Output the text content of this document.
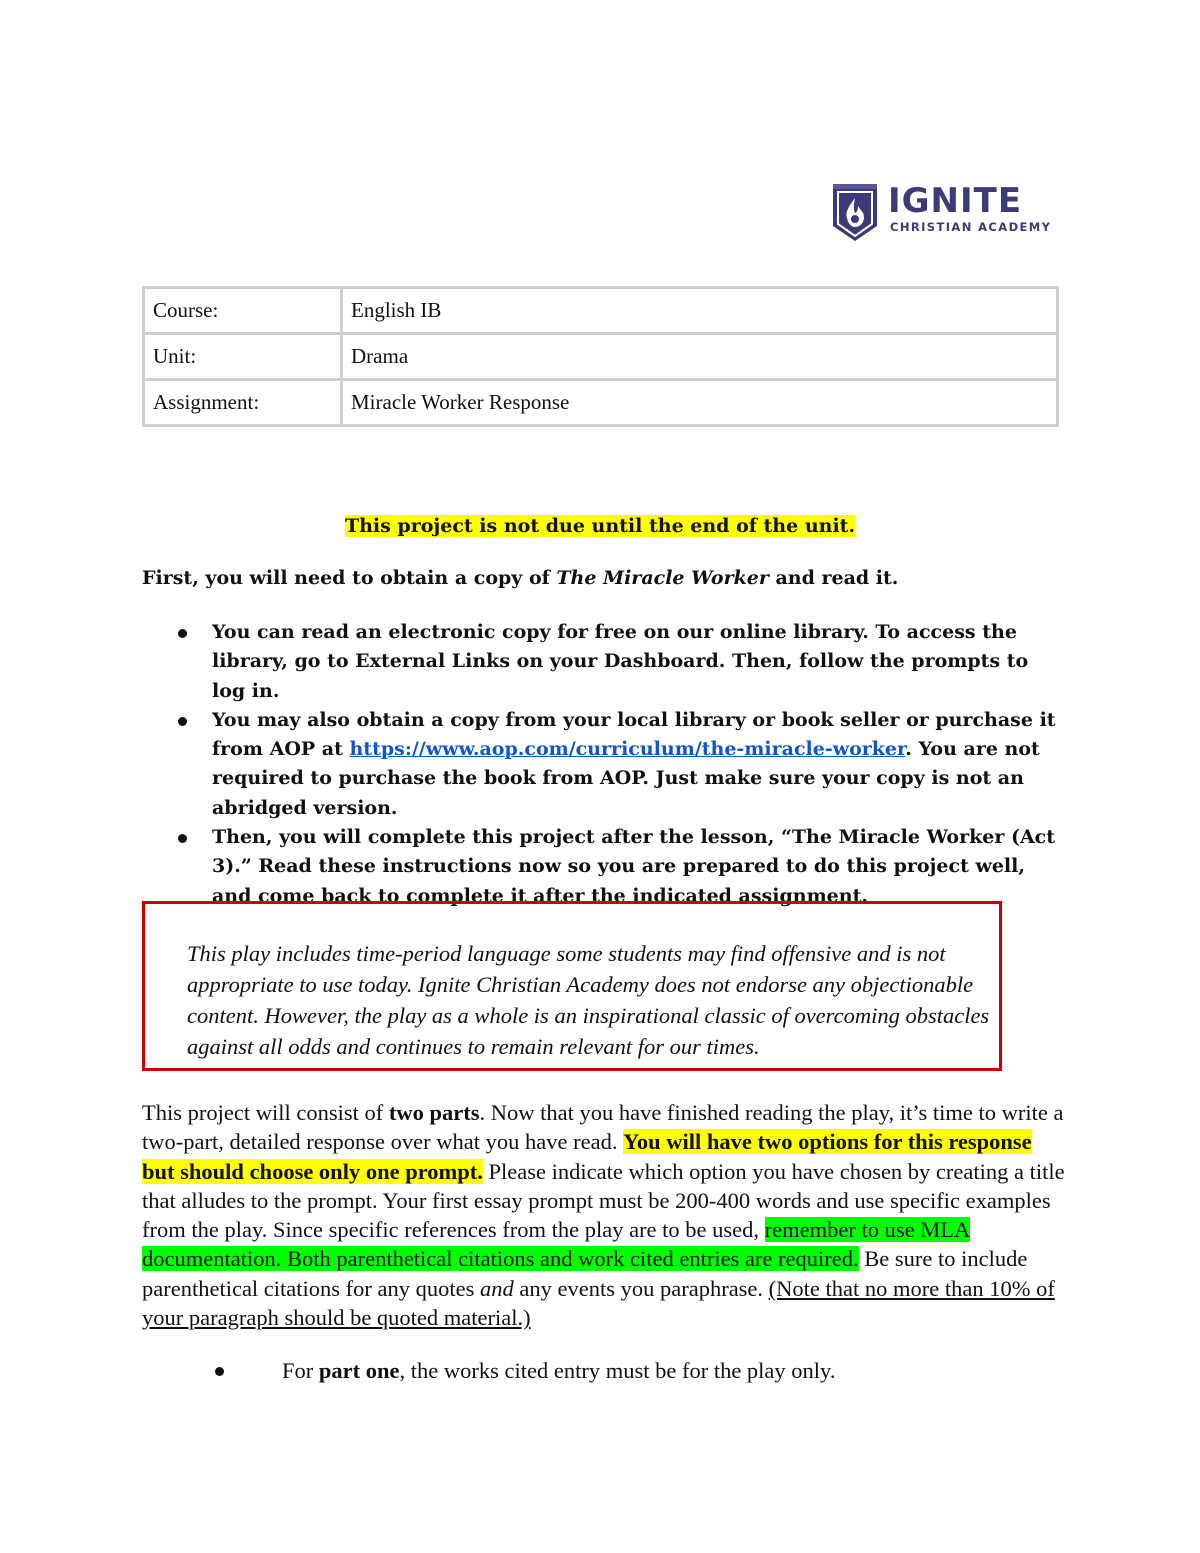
IGNITE
CHRISTIAN ACADEMY
Course:	English IB
Unit:	Drama
Assignment:	Miracle Worker Response
This project is not due until the end of the unit.
First, you will need to obtain a copy of The Miracle Worker and read it.
You can read an electronic copy for free on our online library. To access the library, go to External Links on your Dashboard. Then, follow the prompts to log in.
You may also obtain a copy from your local library or book seller or purchase it from AOP at https://www.aop.com/curriculum/the-miracle-worker. You are not required to purchase the book from AOP. Just make sure your copy is not an abridged version.
Then, you will complete this project after the lesson, “The Miracle Worker (Act 3).” Read these instructions now so you are prepared to do this project well, and come back to complete it after the indicated assignment.
This play includes time-period language some students may find offensive and is not appropriate to use today. Ignite Christian Academy does not endorse any objectionable content. However, the play as a whole is an inspirational classic of overcoming obstacles against all odds and continues to remain relevant for our times.
This project will consist of two parts. Now that you have finished reading the play, it’s time to write a two-part, detailed response over what you have read. You will have two options for this response but should choose only one prompt. Please indicate which option you have chosen by creating a title that alludes to the prompt. Your first essay prompt must be 200-400 words and use specific examples from the play. Since specific references from the play are to be used, remember to use MLA documentation. Both parenthetical citations and work cited entries are required. Be sure to include parenthetical citations for any quotes and any events you paraphrase. (Note that no more than 10% of your paragraph should be quoted material.)
For part one, the works cited entry must be for the play only.
